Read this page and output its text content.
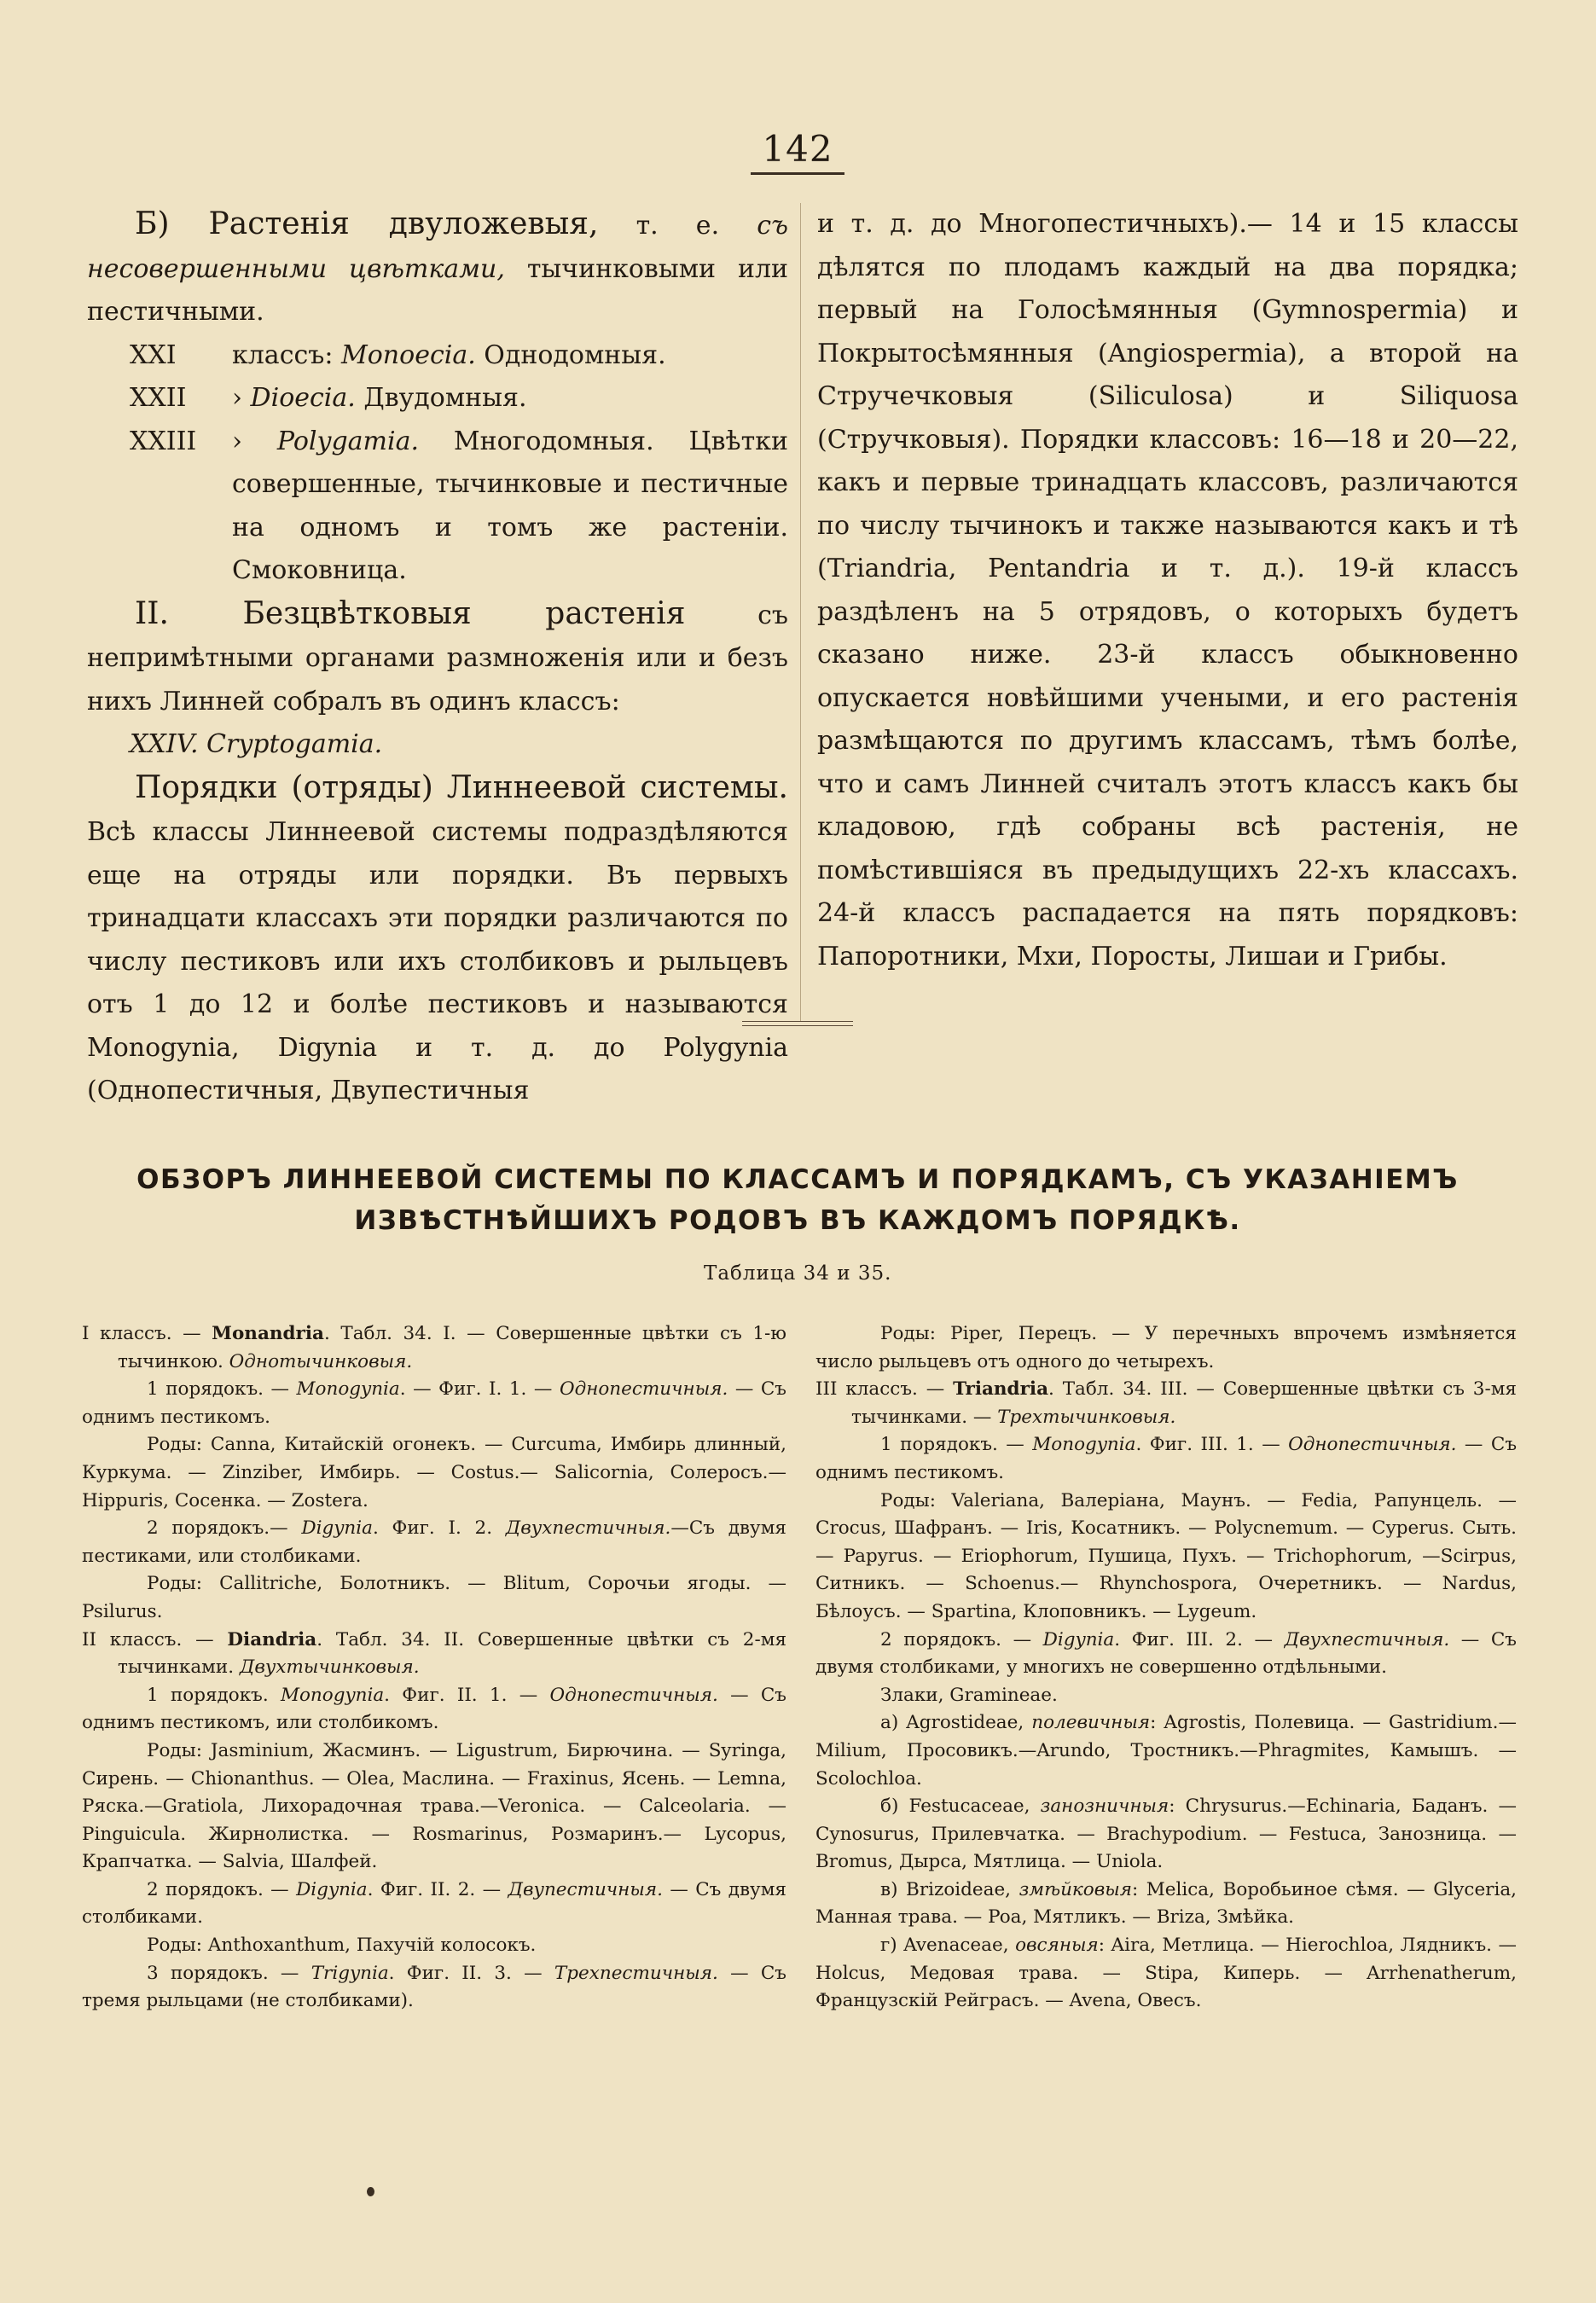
142

Б) Растенія двуложевыя, т. е. съ несовершенными цвѣтками, тычинковыми или пестичными.

XXI	классъ: Monoecia. Однодомныя.
XXII	› Dioecia. Двудомныя.
XXIII	› Polygamia. Многодомныя. Цвѣтки совершенные, тычинковые и пестичные на одномъ и томъ же растеніи. Смоковница.

II. Безцвѣтковыя растенія съ непримѣтными органами размноженія или и безъ нихъ Линней собралъ въ одинъ классъ:

XXIV. Cryptogamia.

Порядки (отряды) Линнеевой системы. Всѣ классы Линнеевой системы подраздѣляются еще на отряды или порядки. Въ первыхъ тринадцати классахъ эти порядки различаются по числу пестиковъ или ихъ столбиковъ и рыльцевъ отъ 1 до 12 и болѣе пестиковъ и называются Monogynia, Digynia и т. д. до Polygynia (Однопестичныя, Двупестичныя

и т. д. до Многопестичныхъ).— 14 и 15 классы дѣлятся по плодамъ каждый на два порядка; первый на Голосѣмянныя (Gymnospermia) и Покрытосѣмянныя (Angiospermia), а второй на Стручечковыя (Siliculosa) и Siliquosa (Стручковыя). Порядки классовъ: 16—18 и 20—22, какъ и первые тринадцать классовъ, различаются по числу тычинокъ и также называются какъ и тѣ (Triandria, Pentandria и т. д.). 19-й классъ раздѣленъ на 5 отрядовъ, о которыхъ будетъ сказано ниже. 23-й классъ обыкновенно опускается новѣйшими учеными, и его растенія размѣщаются по другимъ классамъ, тѣмъ болѣе, что и самъ Линней считалъ этотъ классъ какъ бы кладовою, гдѣ собраны всѣ растенія, не помѣстившіяся въ предыдущихъ 22-хъ классахъ. 24-й классъ распадается на пять порядковъ: Папоротники, Мхи, Поросты, Лишаи и Грибы.

ОБЗОРЪ ЛИННЕЕВОЙ СИСТЕМЫ ПО КЛАССАМЪ И ПОРЯДКАМЪ, СЪ УКАЗАНІЕМЪ
ИЗВѢСТНѢЙШИХЪ РОДОВЪ ВЪ КАЖДОМЪ ПОРЯДКѢ.
Таблица 34 и 35.

I классъ. — Monandria. Табл. 34. I. — Совершенные цвѣтки съ 1-ю тычинкою. Однотычинковыя.

1 порядокъ. — Monogynia. — Фиг. I. 1. — Однопестичныя. — Съ однимъ пестикомъ.

Роды: Canna, Китайскій огонекъ. — Curcuma, Имбирь длинный, Куркума. — Zinziber, Имбирь. — Costus.— Salicornia, Солеросъ.— Hippuris, Сосенка. — Zostera.

2 порядокъ.— Digynia. Фиг. I. 2. Двухпестичныя.—Съ двумя пестиками, или столбиками.

Роды: Callitriche, Болотникъ. — Blitum, Сорочьи ягоды. — Psilurus.

II классъ. — Diandria. Табл. 34. II. Совершенные цвѣтки съ 2-мя тычинками. Двухтычинковыя.

1 порядокъ. Monogynia. Фиг. II. 1. — Однопестичныя. — Съ однимъ пестикомъ, или столбикомъ.

Роды: Jasminium, Жасминъ. — Ligustrum, Бирючина. — Syringa, Сирень. — Chionanthus. — Olea, Маслина. — Fraxinus, Ясень. — Lemna, Ряска.—Gratiola, Лихорадочная трава.—Veronica. — Calceolaria. — Pinguicula. Жирнолистка. — Rosmarinus, Розмаринъ.— Lycopus, Крапчатка. — Salvia, Шалфей.

2 порядокъ. — Digynia. Фиг. II. 2. — Двупестичныя. — Съ двумя столбиками.

Роды: Anthoxanthum, Пахучій колосокъ.

3 порядокъ. — Trigynia. Фиг. II. 3. — Трехпестичныя. — Съ тремя рыльцами (не столбиками).

Роды: Piper, Перецъ. — У перечныхъ впрочемъ измѣняется число рыльцевъ отъ одного до четырехъ.

III классъ. — Triandria. Табл. 34. III. — Совершенные цвѣтки съ 3-мя тычинками. — Трехтычинковыя.

1 порядокъ. — Monogynia. Фиг. III. 1. — Однопестичныя. — Съ однимъ пестикомъ.

Роды: Valeriana, Валеріана, Маунъ. — Fedia, Рапунцель. — Crocus, Шафранъ. — Iris, Косатникъ. — Polycnemum. — Cyperus. Сыть. — Papyrus. — Eriophorum, Пушица, Пухъ. — Trichophorum, —Scirpus, Ситникъ. — Schoenus.— Rhynchospora, Очеретникъ. — Nardus, Бѣлоусъ. — Spartina, Клоповникъ. — Lygeum.

2 порядокъ. — Digynia. Фиг. III. 2. — Двухпестичныя. — Съ двумя столбиками, у многихъ не совершенно отдѣльными.

Злаки, Gramineae.

а) Agrostideae, полевичныя: Agrostis, Полевица. — Gastridium.—Milium, Просовикъ.—Arundo, Тростникъ.—Phragmites, Камышъ. — Scolochloa.

б) Festucaceae, занозничныя: Chrysurus.—Echinaria, Баданъ. — Cynosurus, Прилевчатка. — Brachypodium. — Festuca, Занозница. — Bromus, Дырса, Мятлица. — Uniola.

в) Brizoideae, змѣйковыя: Melica, Воробьиное сѣмя. — Glyceria, Манная трава. — Poa, Мятликъ. — Briza, Змѣйка.

г) Avenaceae, овсяныя: Aira, Метлица. — Hierochloa, Лядникъ. — Holcus, Медовая трава. — Stipa, Киперь. — Arrhenatherum, Французскій Рейграсъ. — Avena, Овесъ.
